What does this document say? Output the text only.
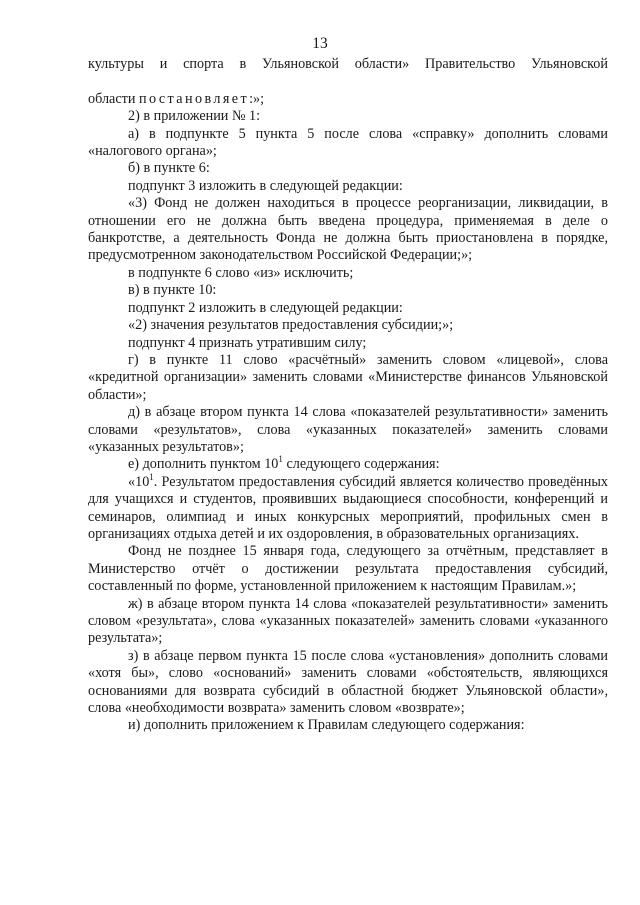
13

культуры и спорта в Ульяновской области» Правительство Ульяновской

области постановляет:»;

2) в приложении № 1:

а) в подпункте 5 пункта 5 после слова «справку» дополнить словами «налогового органа»;

б) в пункте 6:

подпункт 3 изложить в следующей редакции:

«3) Фонд не должен находиться в процессе реорганизации, ликвидации, в отношении его не должна быть введена процедура, применяемая в деле о банкротстве, а деятельность Фонда не должна быть приостановлена в порядке, предусмотренном законодательством Российской Федерации;»;

в подпункте 6 слово «из» исключить;

в) в пункте 10:

подпункт 2 изложить в следующей редакции:

«2) значения результатов предоставления субсидии;»;

подпункт 4 признать утратившим силу;

г) в пункте 11 слово «расчётный» заменить словом «лицевой», слова «кредитной организации» заменить словами «Министерстве финансов Ульяновской области»;

д) в абзаце втором пункта 14 слова «показателей результативности» заменить словами «результатов», слова «указанных показателей» заменить словами «указанных результатов»;

е) дополнить пунктом $10^1$ следующего содержания:

«$10^1$. Результатом предоставления субсидий является количество проведённых для учащихся и студентов, проявивших выдающиеся способности, конференций и семинаров, олимпиад и иных конкурсных мероприятий, профильных смен в организациях отдыха детей и их оздоровления, в образовательных организациях.

Фонд не позднее 15 января года, следующего за отчётным, представляет в Министерство отчёт о достижении результата предоставления субсидий, составленный по форме, установленной приложением к настоящим Правилам.»;

ж) в абзаце втором пункта 14 слова «показателей результативности» заменить словом «результата», слова «указанных показателей» заменить словами «указанного результата»;

з) в абзаце первом пункта 15 после слова «установления» дополнить словами «хотя бы», слово «оснований» заменить словами «обстоятельств, являющихся основаниями для возврата субсидий в областной бюджет Ульяновской области», слова «необходимости возврата» заменить словом «возврате»;

и) дополнить приложением к Правилам следующего содержания:
